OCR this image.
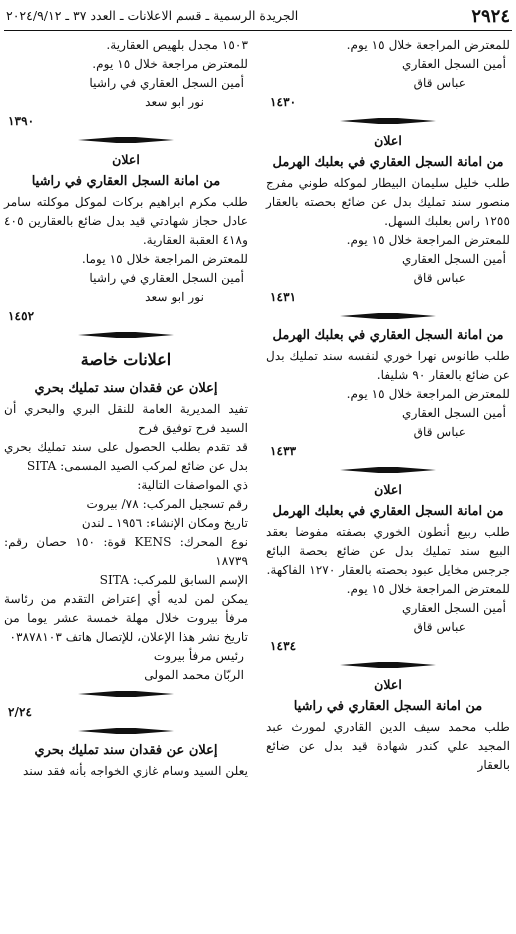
٢٩٢٤
الجريدة الرسمية ـ قسم الاعلانات ـ العدد ٣٧ ـ ٢٠٢٤/٩/١٢
للمعترض المراجعة خلال ١٥ يوم.
أمين السجل العقاري
عباس قاق
١٤٣٠
اعلان
من امانة السجل العقاري في بعلبك الهرمل
طلب خليل سليمان البيطار لموكله طوني مفرج منصور سند تمليك بدل عن ضائع بحصته بالعقار ١٢٥٥ راس بعلبك السهل.
للمعترض المراجعة خلال ١٥ يوم.
أمين السجل العقاري
عباس قاق
١٤٣١
من امانة السجل العقاري في بعلبك الهرمل
طلب طانوس نهرا خوري لنفسه سند تمليك بدل عن ضائع بالعقار ٩٠ شليفا.
للمعترض المراجعة خلال ١٥ يوم.
أمين السجل العقاري
عباس قاق
١٤٣٣
اعلان
من امانة السجل العقاري في بعلبك الهرمل
طلب ربيع أنطون الخوري بصفته مفوضا بعقد البيع سند تمليك بدل عن ضائع بحصة البائع جرجس مخايل عبود بحصته بالعقار ١٢٧٠ الفاكهة.
للمعترض المراجعة خلال ١٥ يوم.
أمين السجل العقاري
عباس قاق
١٤٣٤
اعلان
من امانة السجل العقاري في راشيا
طلب محمد سيف الدين القادري لمورث عبد المجيد علي كندر شهادة قيد بدل عن ضائع بالعقار
١٥٠٣ مجدل بلهيص العقارية.
للمعترض مراجعة خلال ١٥ يوم.
أمين السجل العقاري في راشيا
نور ابو سعد
١٣٩٠
اعلان
من امانة السجل العقاري في راشيا
طلب مكرم ابراهيم بركات لموكل موكلته سامر عادل حجاز شهادتي قيد بدل ضائع بالعقارين ٤٠٥ و٤١٨ العقبة العقارية.
للمعترض المراجعة خلال ١٥ يوما.
أمين السجل العقاري في راشيا
نور ابو سعد
١٤٥٢
اعلانات خاصة
إعلان عن فقدان سند تمليك بحري
تفيد المديرية العامة للنقل البري والبحري أن السيد فرح توفيق فرح
قد تقدم بطلب الحصول على سند تمليك بحري بدل عن ضائع لمركب الصيد المسمى: SITA
ذي المواصفات التالية:
رقم تسجيل المركب: ٧٨/ بيروت
تاريخ ومكان الإنشاء: ١٩٥٦ ـ لندن
نوع المحرك: KENS قوة: ١٥٠ حصان رقم: ١٨٧٣٩
الإسم السابق للمركب: SITA
يمكن لمن لديه أي إعتراض التقدم من رئاسة مرفأ بيروت خلال مهلة خمسة عشر يوما من تاريخ نشر هذا الإعلان، للإتصال هاتف ٠٣٨٧٨١٠٣
رئيس مرفأ بيروت
الربّان محمد المولى
٢/٢٤
إعلان عن فقدان سند تمليك بحري
يعلن السيد وسام غازي الخواجه بأنه فقد سند
